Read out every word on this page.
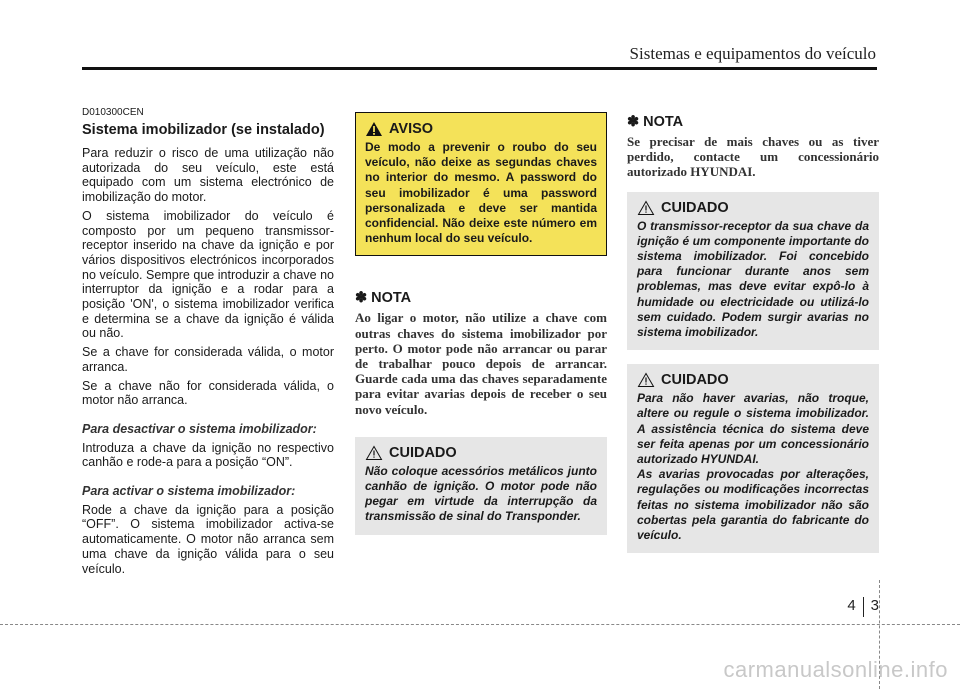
Sistemas e equipamentos do veículo
D010300CEN
Sistema imobilizador (se instalado)

Para reduzir o risco de uma utilização não autorizada do seu veículo, este está equipado com um sistema electrónico de imobilização do motor.

O sistema imobilizador do veículo é composto por um pequeno transmissor-receptor inserido na chave da ignição e por vários dispositivos electrónicos incorporados no veículo. Sempre que introduzir a chave no interruptor da ignição e a rodar para a posição 'ON', o sistema imobilizador verifica e determina se a chave da ignição é válida ou não.

Se a chave for considerada válida, o motor arranca.

Se a chave não for considerada válida, o motor não arranca.

Para desactivar o sistema imobilizador:

Introduza a chave da ignição no respectivo canhão e rode-a para a posição “ON”.

Para activar o sistema imobilizador:

Rode a chave da ignição para a posição “OFF”. O sistema imobilizador activa-se automaticamente. O motor não arranca sem uma chave da ignição válida para o seu veículo.

AVISO
De modo a prevenir o roubo do seu veículo, não deixe as segundas chaves no interior do mesmo. A password do seu imobilizador é uma password personalizada e deve ser mantida confidencial. Não deixe este número em nenhum local do seu veículo.
✽ NOTA
Ao ligar o motor, não utilize a chave com outras chaves do sistema imobilizador por perto. O motor pode não arrancar ou parar de trabalhar pouco depois de arrancar. Guarde cada uma das chaves separadamente para evitar avarias depois de receber o seu novo veículo.
CUIDADO
Não coloque acessórios metálicos junto canhão de ignição. O motor pode não pegar em virtude da interrupção da transmissão de sinal do Transponder.
✽ NOTA
Se precisar de mais chaves ou as tiver perdido, contacte um concessionário autorizado HYUNDAI.
CUIDADO
O transmissor-receptor da sua chave da ignição é um componente importante do sistema imobilizador. Foi concebido para funcionar durante anos sem problemas, mas deve evitar expô-lo à humidade ou electricidade ou utilizá-lo sem cuidado. Podem surgir avarias no sistema imobilizador.
CUIDADO
Para não haver avarias, não troque, altere ou regule o sistema imobilizador. A assistência técnica do sistema deve ser feita apenas por um concessionário autorizado HYUNDAI.
As avarias provocadas por alterações, regulações ou modificações incorrectas feitas no sistema imobilizador não são cobertas pela garantia do fabricante do veículo.
4 3
carmanualsonline.info
